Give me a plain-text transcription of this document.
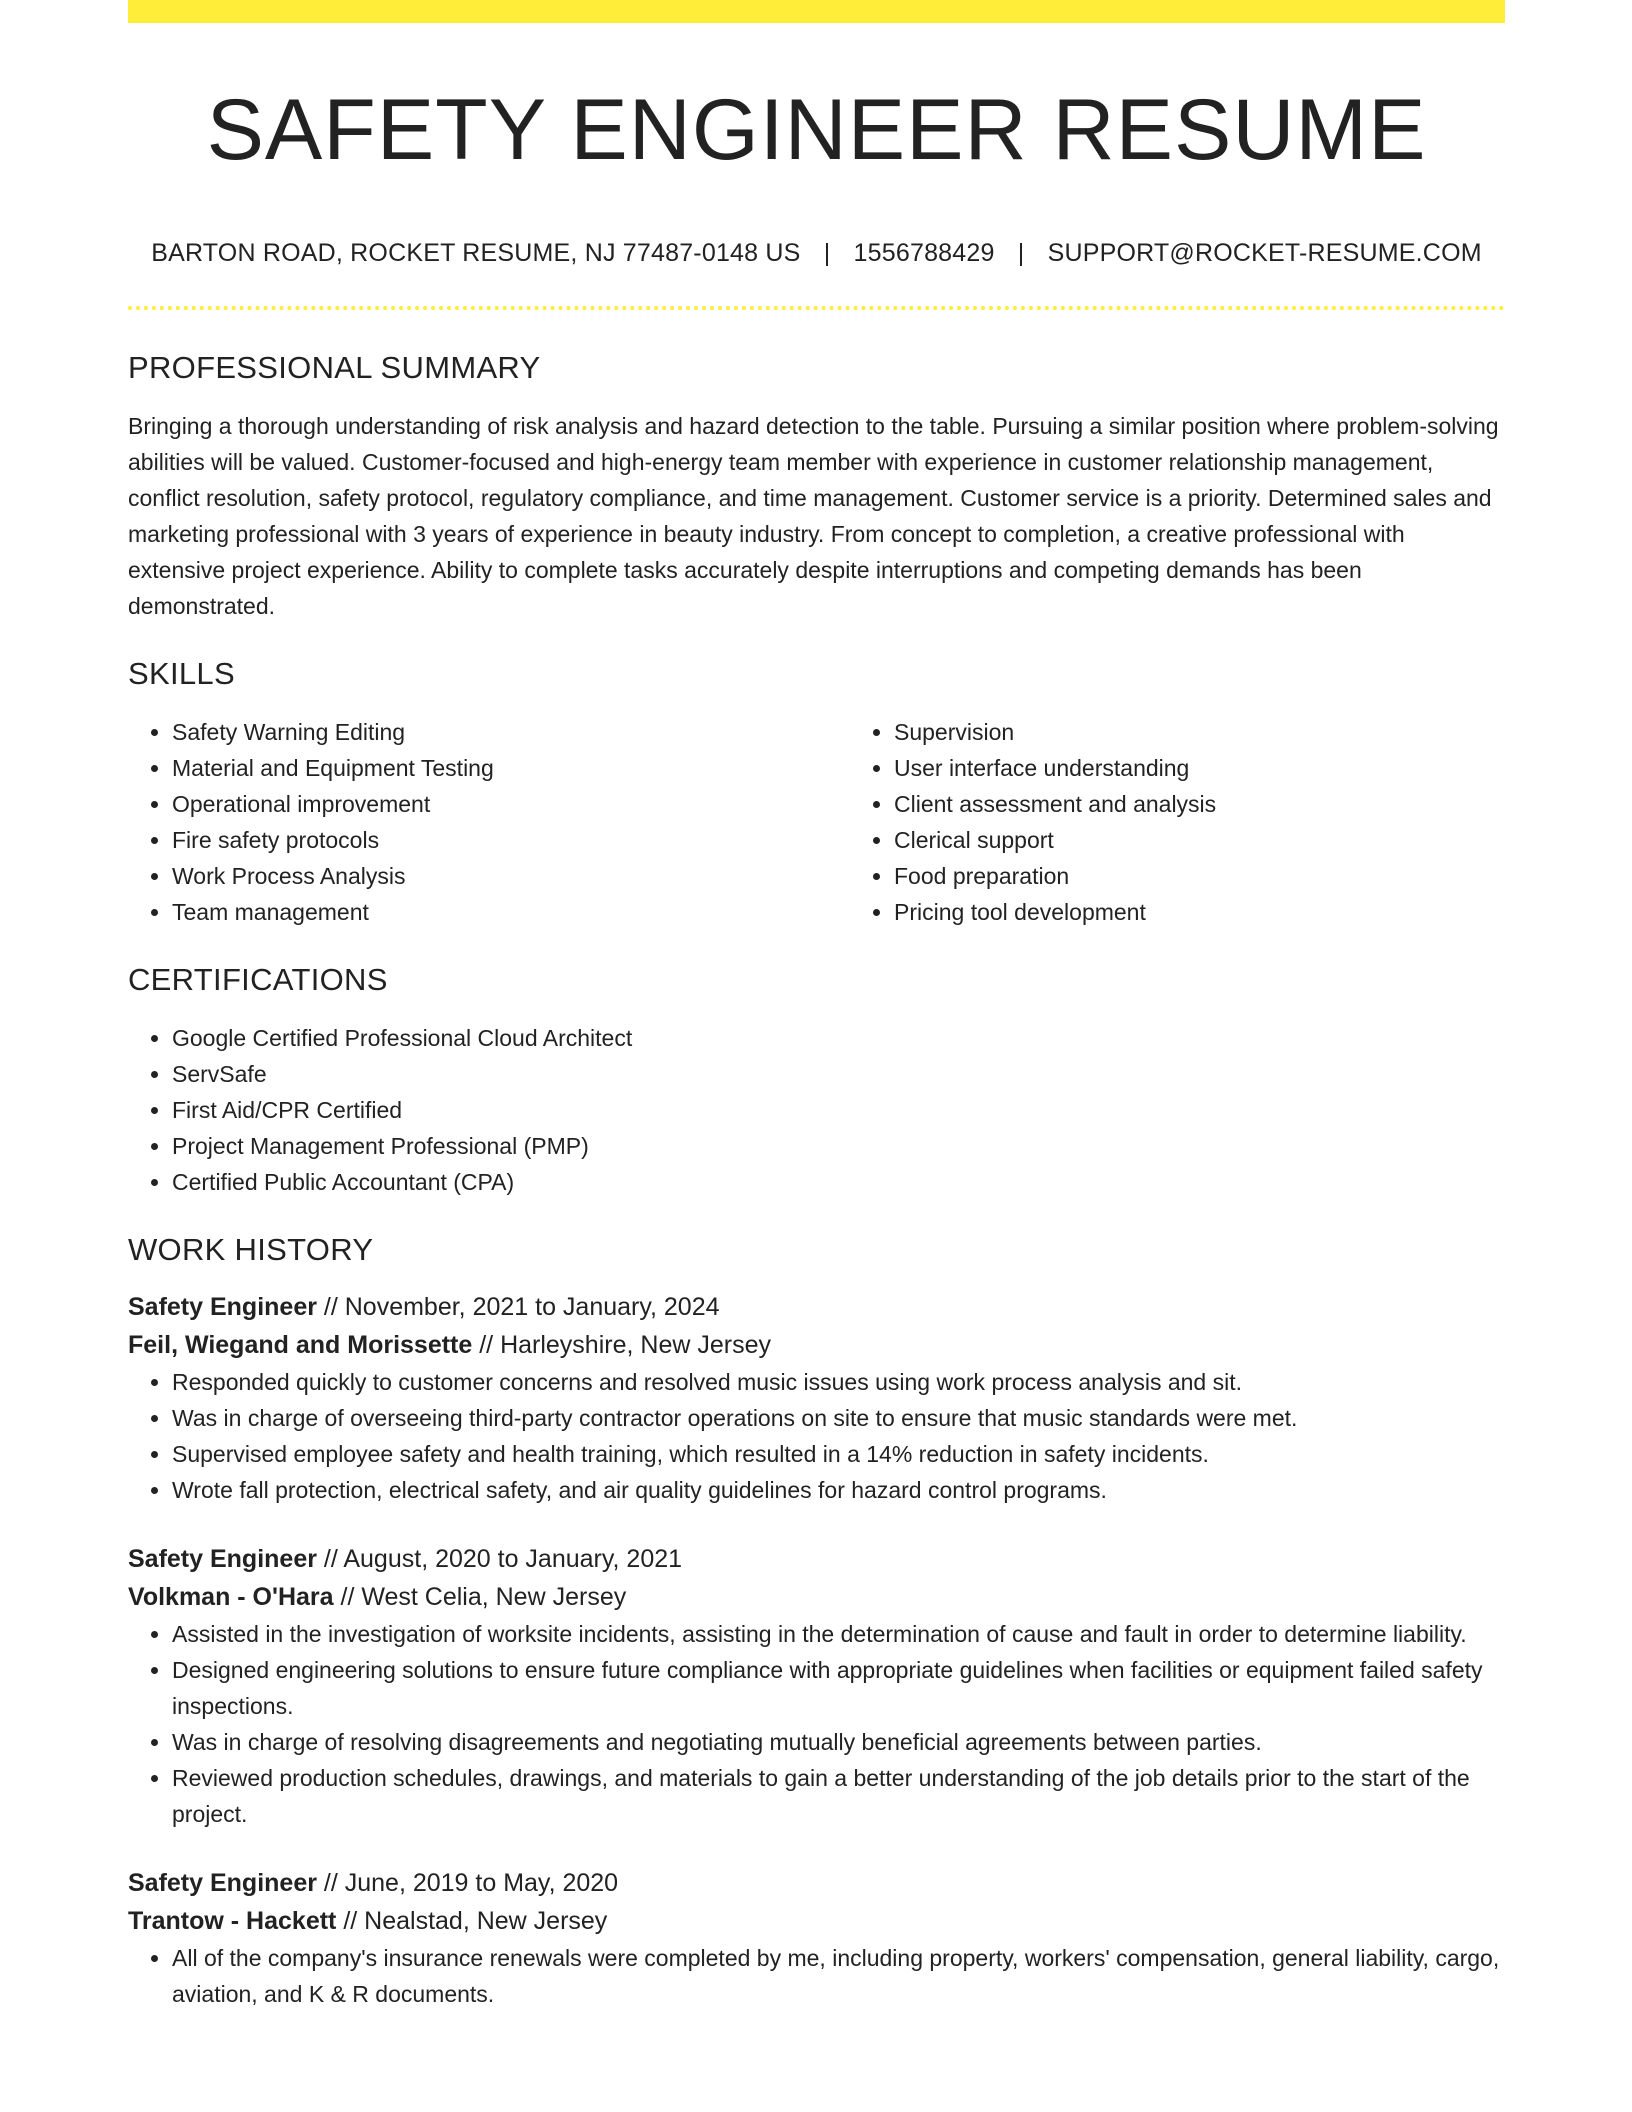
SAFETY ENGINEER RESUME
BARTON ROAD, ROCKET RESUME, NJ 77487-0148 US | 1556788429 | SUPPORT@ROCKET-RESUME.COM
PROFESSIONAL SUMMARY

Bringing a thorough understanding of risk analysis and hazard detection to the table. Pursuing a similar position where problem-solving abilities will be valued. Customer-focused and high-energy team member with experience in customer relationship management, conflict resolution, safety protocol, regulatory compliance, and time management. Customer service is a priority. Determined sales and marketing professional with 3 years of experience in beauty industry. From concept to completion, a creative professional with extensive project experience. Ability to complete tasks accurately despite interruptions and competing demands has been demonstrated.

SKILLS
• Safety Warning Editing
• Material and Equipment Testing
• Operational improvement
• Fire safety protocols
• Work Process Analysis
• Team management
• Supervision
• User interface understanding
• Client assessment and analysis
• Clerical support
• Food preparation
• Pricing tool development
CERTIFICATIONS
• Google Certified Professional Cloud Architect
• ServSafe
• First Aid/CPR Certified
• Project Management Professional (PMP)
• Certified Public Accountant (CPA)
WORK HISTORY
Safety Engineer // November, 2021 to January, 2024
Feil, Wiegand and Morissette // Harleyshire, New Jersey
• Responded quickly to customer concerns and resolved music issues using work process analysis and sit.
• Was in charge of overseeing third-party contractor operations on site to ensure that music standards were met.
• Supervised employee safety and health training, which resulted in a 14% reduction in safety incidents.
• Wrote fall protection, electrical safety, and air quality guidelines for hazard control programs.
Safety Engineer // August, 2020 to January, 2021
Volkman - O'Hara // West Celia, New Jersey
• Assisted in the investigation of worksite incidents, assisting in the determination of cause and fault in order to determine liability.
• Designed engineering solutions to ensure future compliance with appropriate guidelines when facilities or equipment failed safety inspections.
• Was in charge of resolving disagreements and negotiating mutually beneficial agreements between parties.
• Reviewed production schedules, drawings, and materials to gain a better understanding of the job details prior to the start of the project.
Safety Engineer // June, 2019 to May, 2020
Trantow - Hackett // Nealstad, New Jersey
• All of the company's insurance renewals were completed by me, including property, workers' compensation, general liability, cargo, aviation, and K & R documents.
